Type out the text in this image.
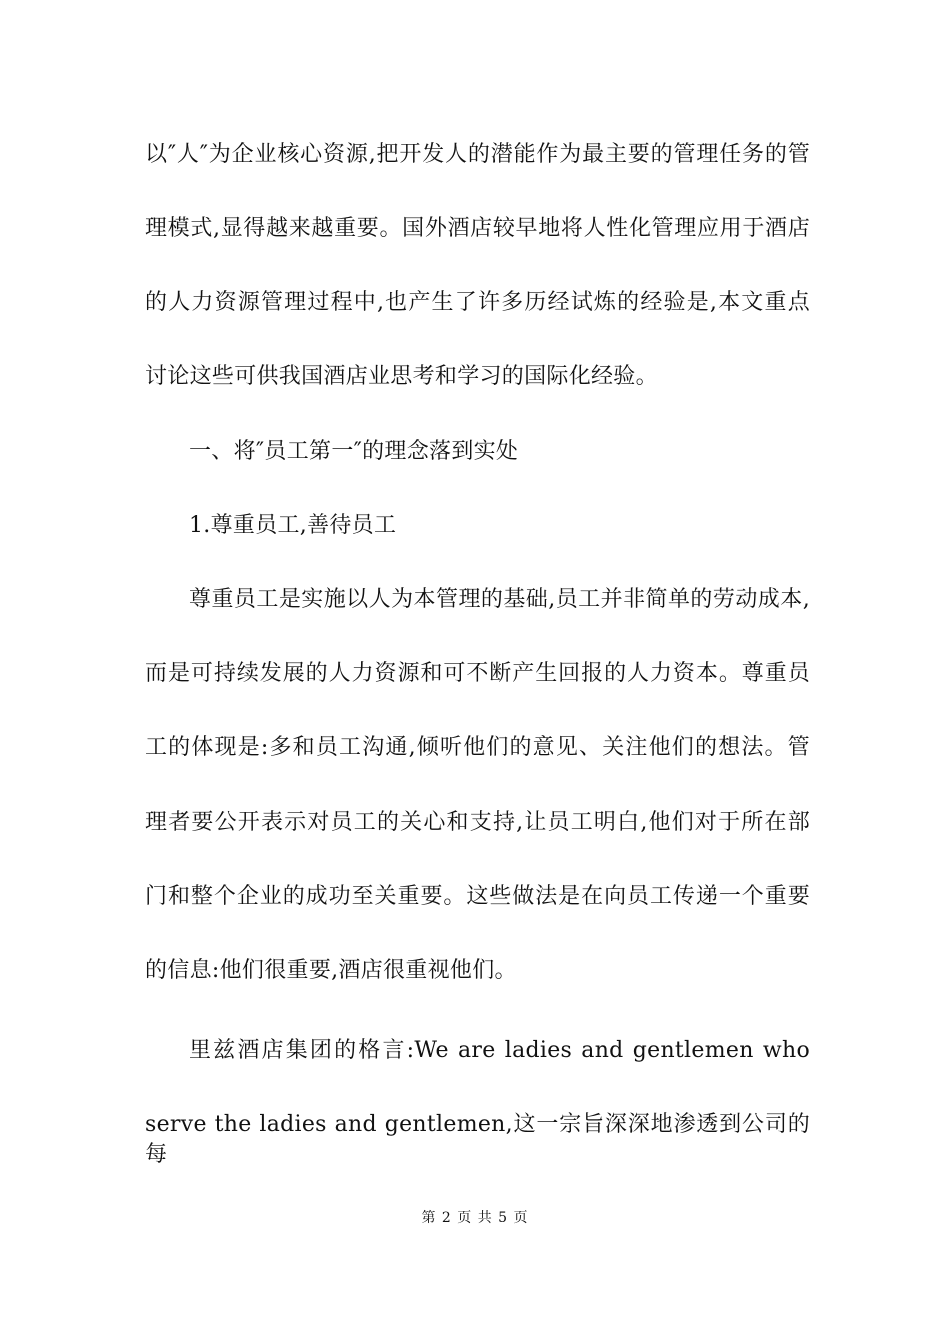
以″人″为企业核心资源,把开发人的潜能作为最主要的管理任务的管
理模式,显得越来越重要。国外酒店较早地将人性化管理应用于酒店
的人力资源管理过程中,也产生了许多历经试炼的经验是,本文重点
讨论这些可供我国酒店业思考和学习的国际化经验。
一、将″员工第一″的理念落到实处
1.尊重员工,善待员工
尊重员工是实施以人为本管理的基础,员工并非简单的劳动成本,
而是可持续发展的人力资源和可不断产生回报的人力资本。尊重员
工的体现是:多和员工沟通,倾听他们的意见、关注他们的想法。管
理者要公开表示对员工的关心和支持,让员工明白,他们对于所在部
门和整个企业的成功至关重要。这些做法是在向员工传递一个重要
的信息:他们很重要,酒店很重视他们。
里兹酒店集团的格言:We are ladies and gentlemen who
serve the ladies and gentlemen,这一宗旨深深地渗透到公司的每
第 2 页 共 5 页
